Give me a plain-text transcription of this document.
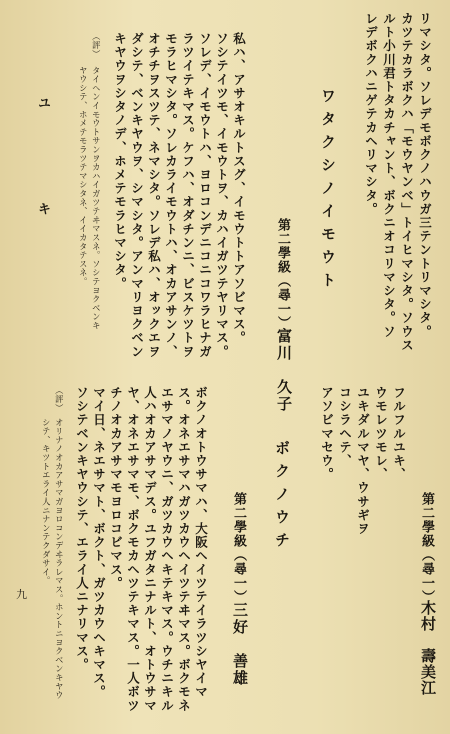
リマシタ。ソレデモボクノハウガ三テントリマシタ。
カツテカラボクハ「モウヤンベ」トイヒマシタ。ソウス
ルト小川君トタカチャント、ボクニオコリマシタ。ソ
レデボクハニゲテカヘリマシタ。
ワタクシノイモウト
第二學級（尋一）
富川　久子
私ハ、アサオキルトスグ、イモウトトアソビマス。
ソシテイツモ、イモウトヲ、カハイガツテヤリマス。
ソレデ、イモウトハ、ヨロコンデニコニコワラヒナガ
ラツイテキマス。ケフハ、オダチンニ、ビスケツトヲ
モラヒマシタ。ソレカライモウトハ、オカアサンノ、
オチチヲスツテ、ネマシタ。ソレデ私ハ、オックエヲ
ダシテ、ベンキヤウヲ、シマシタ。アンマリヨクベン
キヤウヲシタノデ、ホメテモラヒマシタ。
（評）
タイヘンイモウトサンヲカハイガツテヰマスネ。ソシテヨクベンキ
ヤウシテ、ホメテモラツテマシタネ、イイカタテスネ。
ユ　キ
第二學級（尋一）
木村　壽美江
フルフルユキ、
ウモレツモレ、
ユキダルマヤ、ウサギヲ
コシラヘテ、
アソビマセウ。
ボクノウチ
第二學級（尋一）
三好　善雄
ボクノオトウサマハ、大阪ヘイツテイラツシヤイマ
ス。オネエサマハガツカウヘイツテヰマス。ボクモネ
エサマノヤウニ、ガツカウヘキテキマス。ウチニキル
人ハオカアサマデス。ユフガタニナルト、オトウサマ
ヤ、オネエサマモ、ボクモカヘツテキマス。一人ボツ
チノオカアサマモヨロコビマス。
マイ日、ネエサマト、ボクト、ガツカウヘキマス。
ソシテベンキヤウシテ、エライ人ニナリマス。
（評）
オリナノオカアサマガヨロコンデヰラレマス。ホントニヨクベンキヤウ
シテ、キツトエライ人ニナンテクダサイ。
九
